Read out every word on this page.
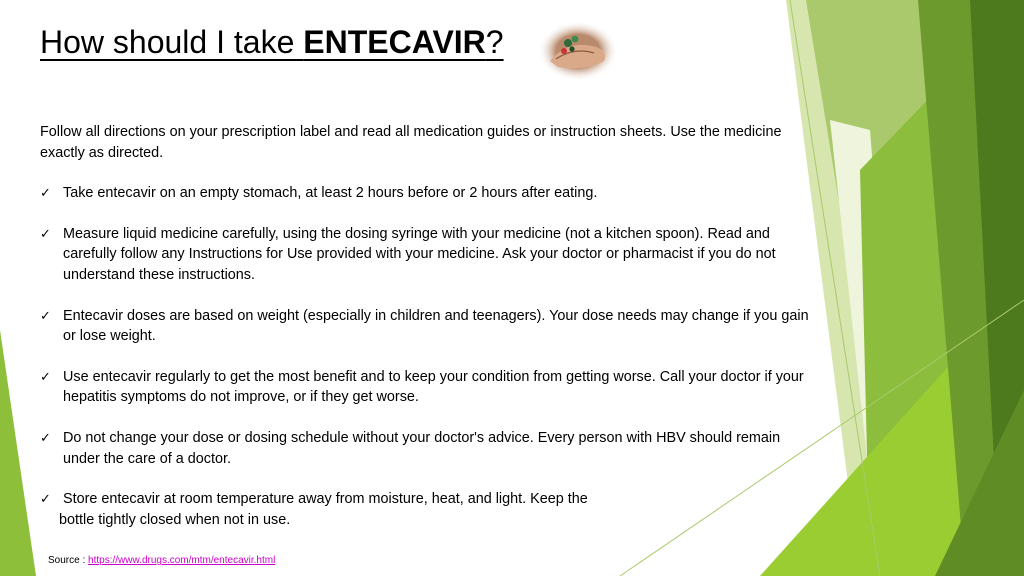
How should I take ENTECAVIR?

Follow all directions on your prescription label and read all medication guides or instruction sheets. Use the medicine exactly as directed.

✓ Take entecavir on an empty stomach, at least 2 hours before or 2 hours after eating.
✓ Measure liquid medicine carefully, using the dosing syringe with your medicine (not a kitchen spoon). Read and carefully follow any Instructions for Use provided with your medicine. Ask your doctor or pharmacist if you do not understand these instructions.
✓ Entecavir doses are based on weight (especially in children and teenagers). Your dose needs may change if you gain or lose weight.
✓ Use entecavir regularly to get the most benefit and to keep your condition from getting worse. Call your doctor if your hepatitis symptoms do not improve, or if they get worse.
✓ Do not change your dose or dosing schedule without your doctor's advice. Every person with HBV should remain under the care of a doctor.
✓ Store entecavir at room temperature away from moisture, heat, and light. Keep the
bottle tightly closed when not in use.
Source : https://www.drugs.com/mtm/entecavir.html
